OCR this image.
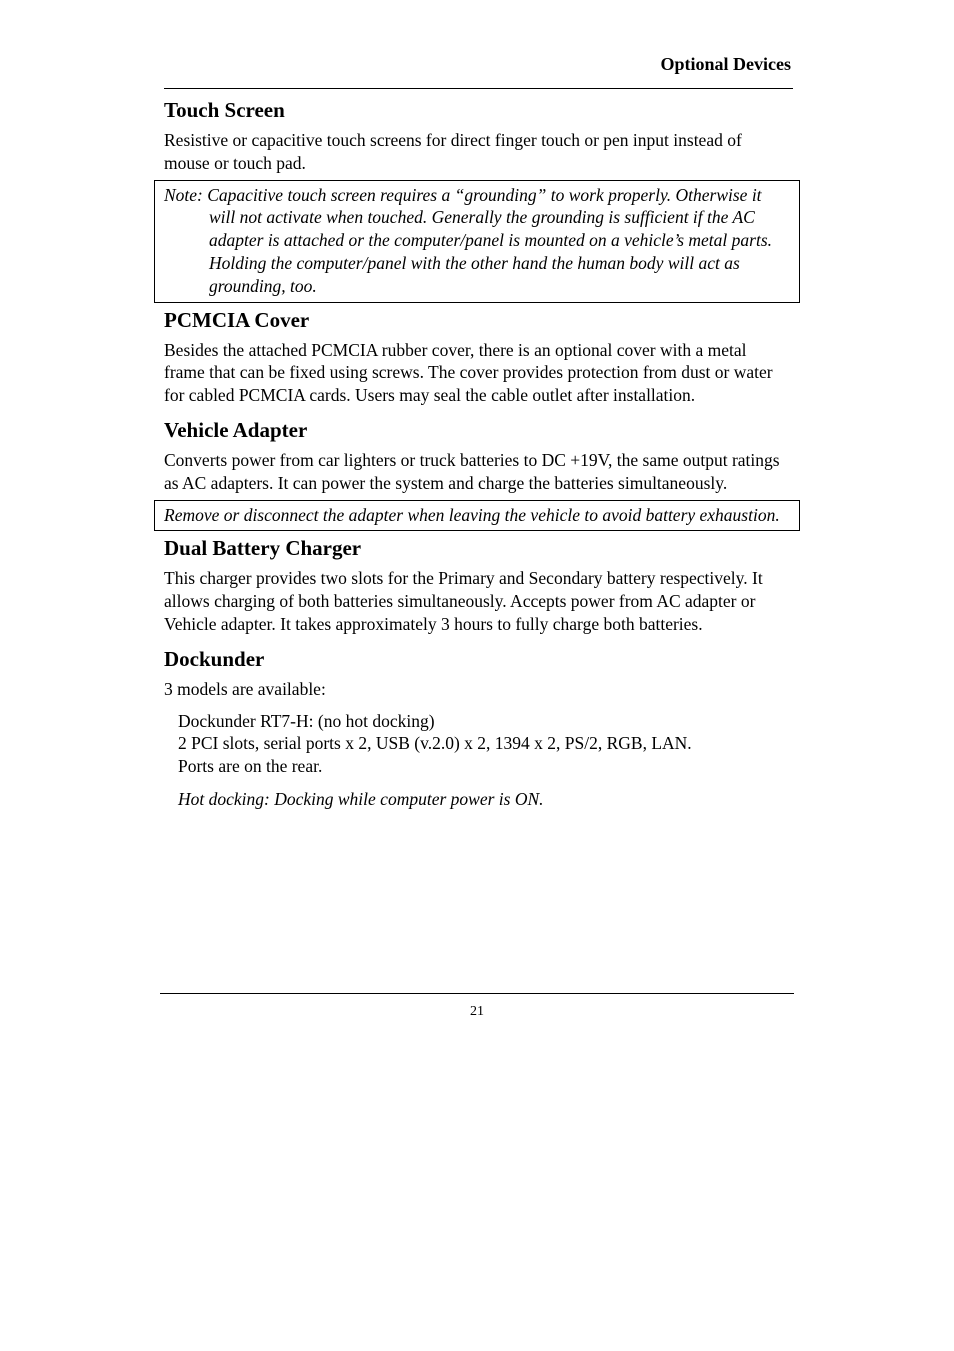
Optional Devices
Touch Screen

Resistive or capacitive touch screens for direct finger touch or pen input instead of mouse or touch pad.

Note: Capacitive touch screen requires a “grounding” to work properly. Otherwise it will not activate when touched. Generally the grounding is sufficient if the AC adapter is attached or the computer/panel is mounted on a vehicle’s metal parts. Holding the computer/panel with the other hand the human body will act as grounding, too.
PCMCIA Cover

Besides the attached PCMCIA rubber cover, there is an optional cover with a metal frame that can be fixed using screws. The cover provides protection from dust or water for cabled PCMCIA cards. Users may seal the cable outlet after installation.

Vehicle Adapter

Converts power from car lighters or truck batteries to DC +19V, the same output ratings as AC adapters. It can power the system and charge the batteries simultaneously.

Remove or disconnect the adapter when leaving the vehicle to avoid battery exhaustion.
Dual Battery Charger

This charger provides two slots for the Primary and Secondary battery respectively. It allows charging of both batteries simultaneously. Accepts power from AC adapter or Vehicle adapter. It takes approximately 3 hours to fully charge both batteries.

Dockunder

3 models are available:

Dockunder RT7-H: (no hot docking)
2 PCI slots, serial ports x 2, USB (v.2.0) x 2, 1394 x 2, PS/2, RGB, LAN.
Ports are on the rear.

Hot docking: Docking while computer power is ON.

21
